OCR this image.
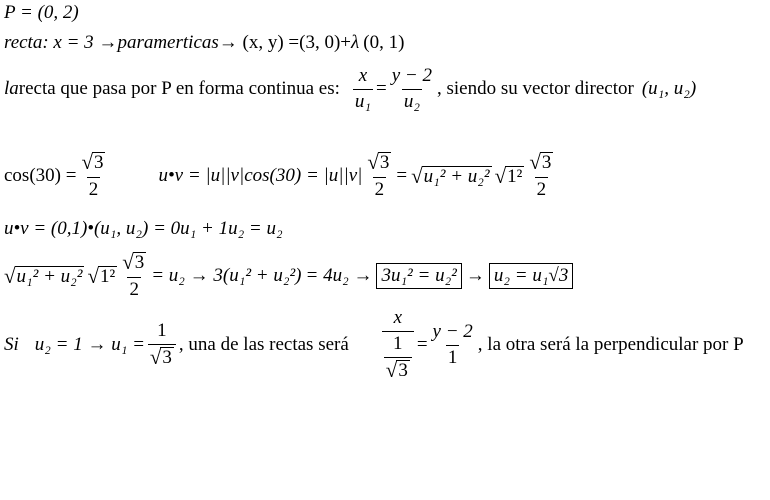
P = (0, 2)
recta : x = 3 → paramerticas → (x, y) = (3, 0) + λ (0, 1)
la recta que pasa por P en forma continua es: $\frac{x}{\text{u₁}} = \frac{y - 2}{\text{u₂}}$ , siendo su vector director (u₁, u₂)
$\cos(30) = \frac{√ 3}{2}$	u•v = $|u||v|\cos(30) = |u||v| \frac{√ 3}{2}$ = √ u₁² + u₂² √ $1^2 \frac{√ 3}{2}$
u•v = (0,1)•(u₁, u₂) = 0u₁ + 1u₂ = u₂
√ u₁² + u₂² √ $1^2 \frac{√ 3}{2} = u_2 \to 3$ (u₁² + u₂²) = 4u₂ → 3u₁² = u₂² → u₂ = u₁√3
Si $u_2 = 1 \to u_1 = \frac{1}{√ 3}$ , una de las rectas será $\frac{x}{\frac{1}{√ 3}} = \frac{y - 2}{1}$ , la otra será la perpendicular por P
